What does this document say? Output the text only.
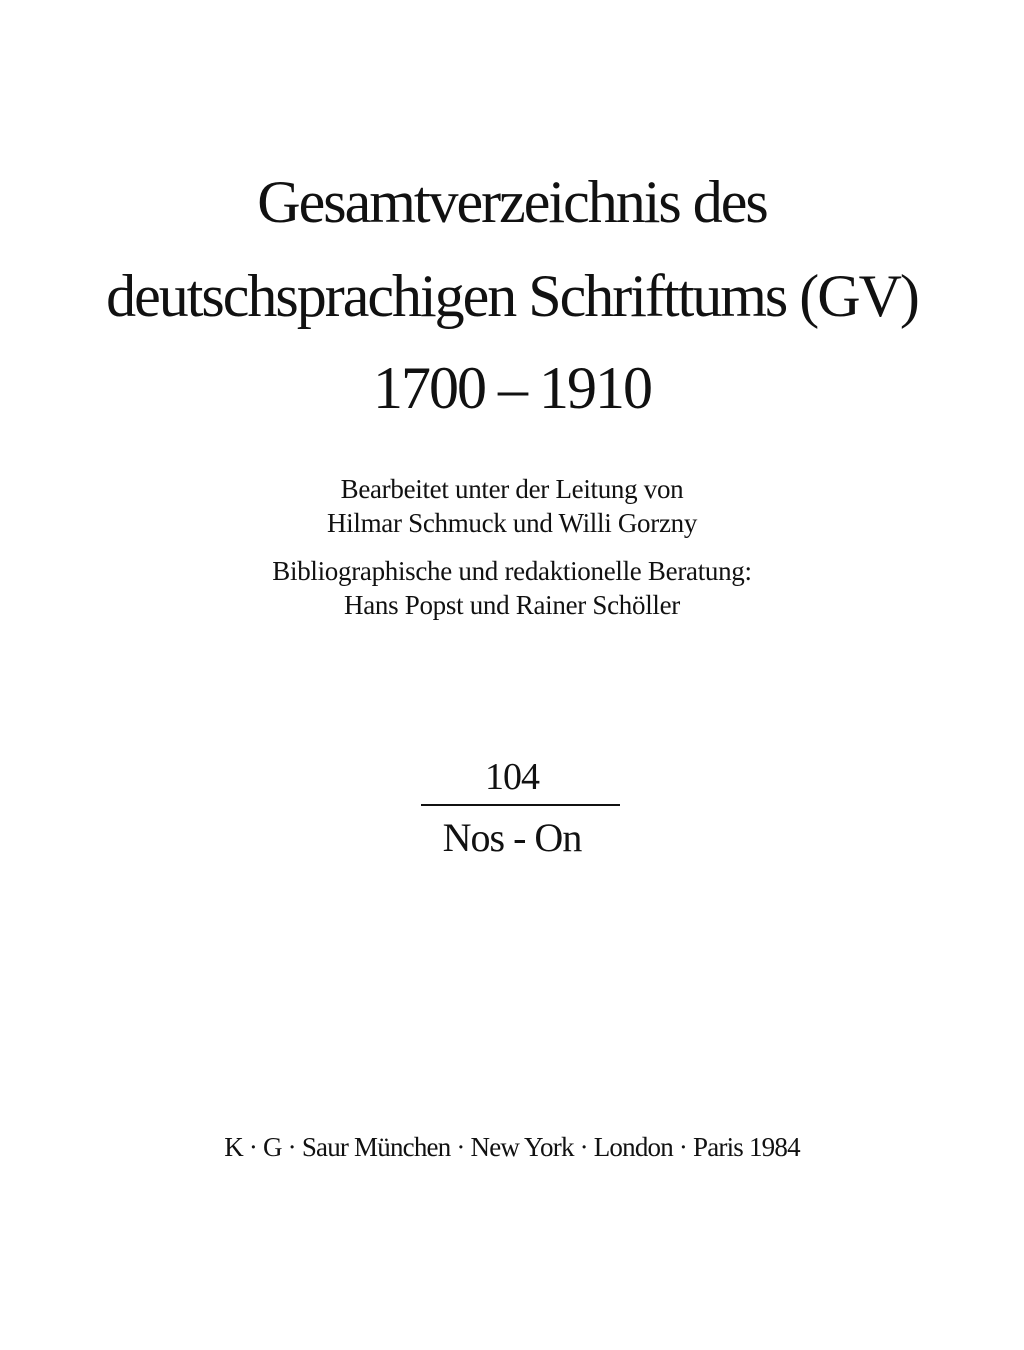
Gesamtverzeichnis des
deutschsprachigen Schrifttums (GV)
1700 – 1910
Bearbeitet unter der Leitung von
Hilmar Schmuck und Willi Gorzny
Bibliographische und redaktionelle Beratung:
Hans Popst und Rainer Schöller
104
Nos - On
K · G · Saur München · New York · London · Paris 1984
